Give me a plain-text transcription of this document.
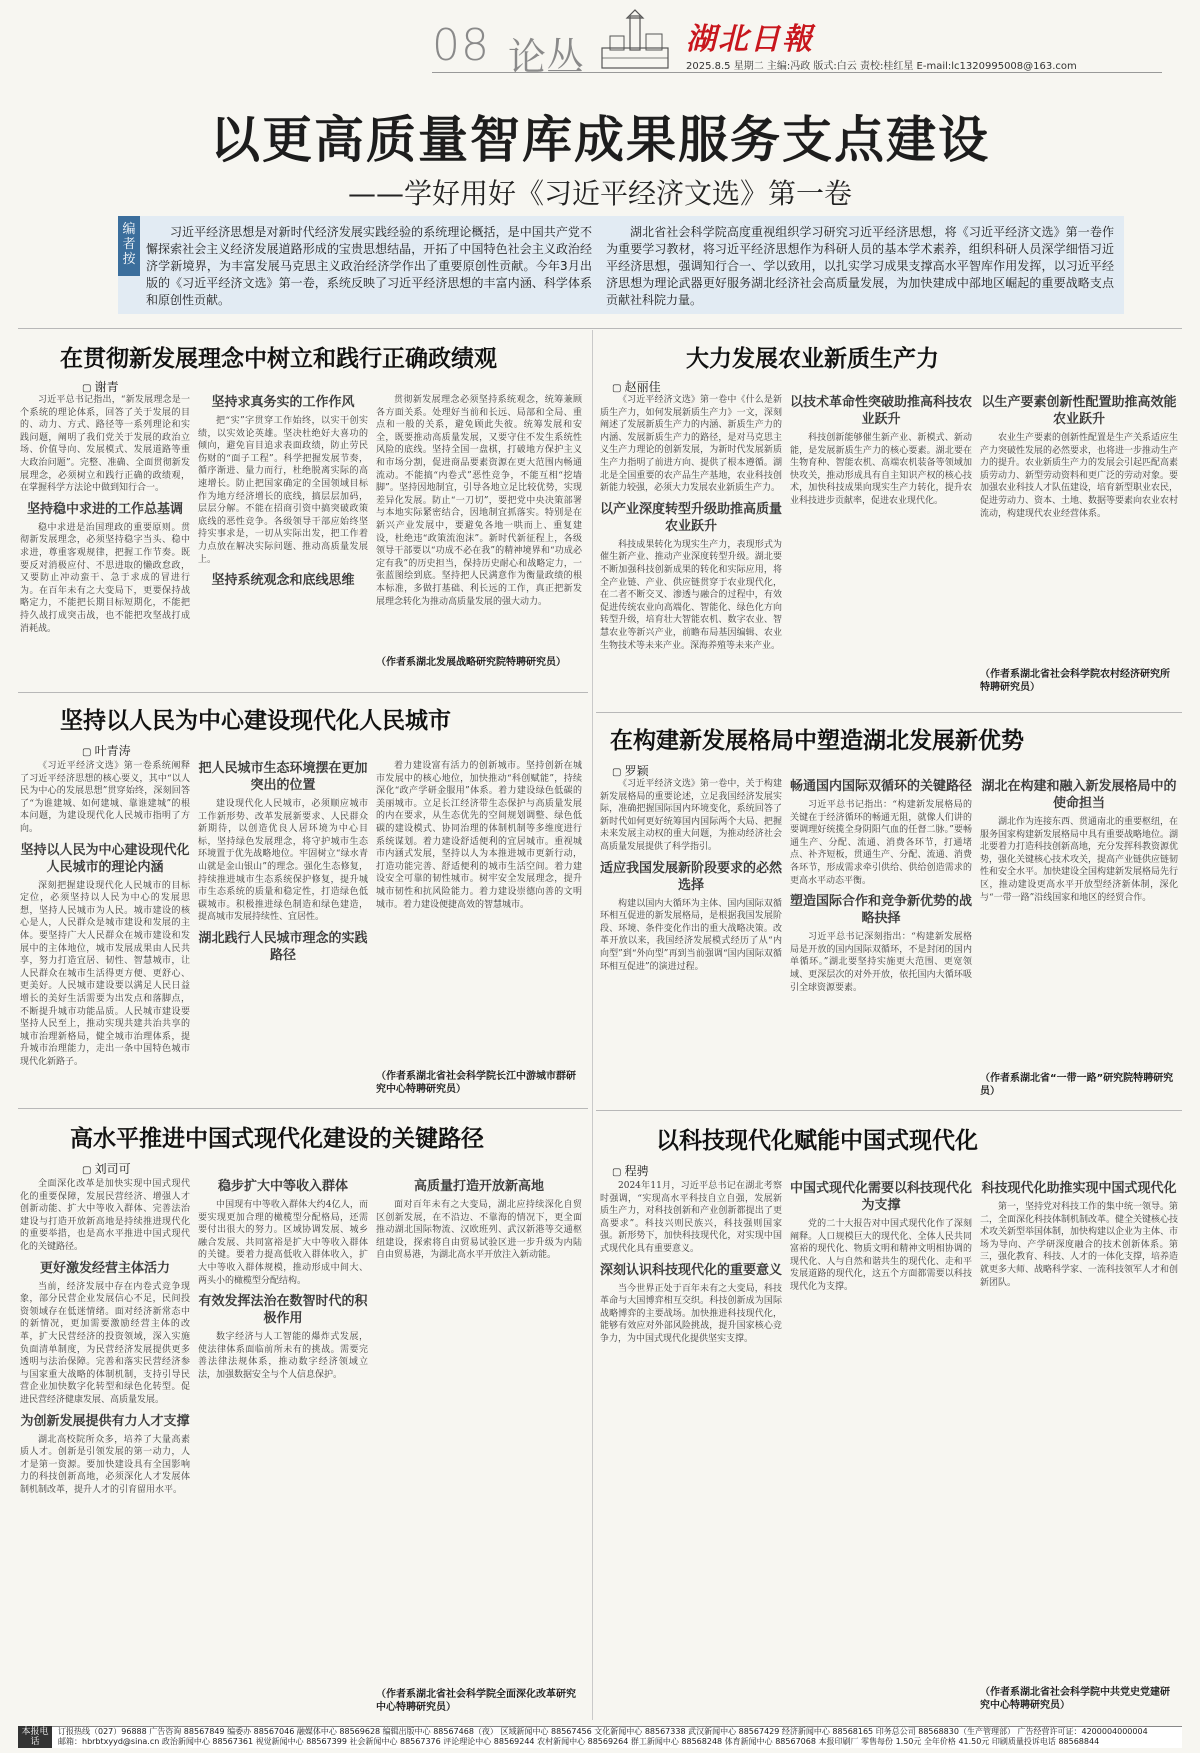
08 论丛	湖北日報
2025.8.5 星期二 主编:冯政 版式:白云 责校:桂红星 E-mail:lc1320995008@163.com
以更高质量智库成果服务支点建设
——学好用好《习近平经济文选》第一卷
编者按
习近平经济思想是对新时代经济发展实践经验的系统理论概括，是中国共产党不懈探索社会主义经济发展道路形成的宝贵思想结晶，开拓了中国特色社会主义政治经济学新境界，为丰富发展马克思主义政治经济学作出了重要原创性贡献。今年3月出版的《习近平经济文选》第一卷，系统反映了习近平经济思想的丰富内涵、科学体系和原创性贡献。
湖北省社会科学院高度重视组织学习研究习近平经济思想，将《习近平经济文选》第一卷作为重要学习教材，将习近平经济思想作为科研人员的基本学术素养，组织科研人员深学细悟习近平经济思想，强调知行合一、学以致用，以扎实学习成果支撑高水平智库作用发挥，以习近平经济思想为理论武器更好服务湖北经济社会高质量发展，为加快建成中部地区崛起的重要战略支点贡献社科院力量。
在贯彻新发展理念中树立和践行正确政绩观
▢ 谢青

习近平总书记指出，“新发展理念是一个系统的理论体系，回答了关于发展的目的、动力、方式、路径等一系列理论和实践问题，阐明了我们党关于发展的政治立场、价值导向、发展模式、发展道路等重大政治问题”。完整、准确、全面贯彻新发展理念，必须树立和践行正确的政绩观，在掌握科学方法论中做到知行合一。

坚持稳中求进的工作总基调

稳中求进是治国理政的重要原则。贯彻新发展理念，必须坚持稳字当头、稳中求进，尊重客观规律，把握工作节奏。既要反对消极应付、不思进取的懒政怠政，又要防止冲动蛮干、急于求成的冒进行为。在百年未有之大变局下，更要保持战略定力，不能把长期目标短期化，不能把持久战打成突击战，也不能把攻坚战打成消耗战。

坚持求真务实的工作作风

把“实”字贯穿工作始终，以实干创实绩，以实效论英雄。坚决杜绝好大喜功的倾向，避免盲目追求表面政绩，防止劳民伤财的“面子工程”。科学把握发展节奏，循序渐进、量力而行，杜绝脱离实际的高速增长。防止把国家确定的全国领域目标作为地方经济增长的底线，搞层层加码，层层分解。不能在招商引资中搞突破政策底线的恶性竞争。各级领导干部应始终坚持实事求是，一切从实际出发，把工作着力点放在解决实际问题、推动高质量发展上。

坚持系统观念和底线思维

贯彻新发展理念必须坚持系统观念，统筹兼顾各方面关系。处理好当前和长远、局部和全局、重点和一般的关系，避免顾此失彼。统筹发展和安全，既要推动高质量发展，又要守住不发生系统性风险的底线。坚持全国一盘棋，打破地方保护主义和市场分割，促进商品要素资源在更大范围内畅通流动。不能搞“内卷式”恶性竞争，不能互相“挖墙脚”。坚持因地制宜，引导各地立足比较优势，实现差异化发展。防止“一刀切”，要把党中央决策部署与本地实际紧密结合，因地制宜抓落实。特别是在新兴产业发展中，要避免各地一哄而上、重复建设，杜绝违“政策流泡沫”。新时代新征程上，各级领导干部要以“功成不必在我”的精神境界和“功成必定有我”的历史担当，保持历史耐心和战略定力，一张蓝图绘到底。坚持把人民满意作为衡量政绩的根本标准，多做打基础、利长远的工作，真正把新发展理念转化为推动高质量发展的强大动力。

（作者系湖北发展战略研究院特聘研究员）
坚持以人民为中心建设现代化人民城市
▢ 叶青涛

《习近平经济文选》第一卷系统阐释了习近平经济思想的核心要义，其中“以人民为中心的发展思想”贯穿始终，深刻回答了“为谁建城、如何建城、靠谁建城”的根本问题，为建设现代化人民城市指明了方向。

坚持以人民为中心建设现代化人民城市的理论内涵

深刻把握建设现代化人民城市的目标定位，必须坚持以人民为中心的发展思想，坚持人民城市为人民。城市建设的核心是人，人民群众是城市建设和发展的主体。要坚持广大人民群众在城市建设和发展中的主体地位，城市发展成果由人民共享，努力打造宜居、韧性、智慧城市，让人民群众在城市生活得更方便、更舒心、更美好。人民城市建设要以满足人民日益增长的美好生活需要为出发点和落脚点，不断提升城市功能品质。人民城市建设要坚持人民至上，推动实现共建共治共享的城市治理新格局，健全城市治理体系，提升城市治理能力，走出一条中国特色城市现代化新路子。

把人民城市生态环境摆在更加突出的位置

建设现代化人民城市，必须顺应城市工作新形势、改革发展新要求、人民群众新期待，以创造优良人居环境为中心目标，坚持绿色发展理念，将守护城市生态环境置于优先战略地位。牢固树立“绿水青山就是金山银山”的理念。强化生态修复，持续推进城市生态系统保护修复，提升城市生态系统的质量和稳定性，打造绿色低碳城市。积极推进绿色制造和绿色建造，提高城市发展持续性、宜居性。

湖北践行人民城市理念的实践路径

着力建设富有活力的创新城市。坚持创新在城市发展中的核心地位，加快推动“科创赋能”，持续深化“政产学研金服用”体系。着力建设绿色低碳的美丽城市。立足长江经济带生态保护与高质量发展的内在要求，从生态优先的空间规划调整、绿色低碳的建设模式、协同治理的体制机制等多维度进行系统谋划。着力建设舒适便利的宜居城市。重视城市内涵式发展，坚持以人为本推进城市更新行动，打造功能完善、舒适便利的城市生活空间。着力建设安全可靠的韧性城市。树牢安全发展理念，提升城市韧性和抗风险能力。着力建设崇德向善的文明城市。着力建设便捷高效的智慧城市。

（作者系湖北省社会科学院长江中游城市群研究中心特聘研究员）
高水平推进中国式现代化建设的关键路径
▢ 刘司可

全面深化改革是加快实现中国式现代化的重要保障，发展民营经济、增强人才创新动能、扩大中等收入群体、完善法治建设与打造开放新高地是持续推进现代化的重要举措，也是高水平推进中国式现代化的关键路径。

更好激发经营主体活力

当前，经济发展中存在内卷式竞争现象，部分民营企业发展信心不足，民间投资领域存在低迷情绪。面对经济新常态中的新情况，更加需要激励经营主体的改革，扩大民营经济的投资领域，深入实施负面清单制度，为民营经济发展提供更多透明与法治保障。完善和落实民营经济参与国家重大战略的体制机制，支持引导民营企业加快数字化转型和绿色化转型。促进民营经济健康发展、高质量发展。

为创新发展提供有力人才支撑

湖北高校院所众多，培养了大量高素质人才。创新是引领发展的第一动力，人才是第一资源。要加快建设具有全国影响力的科技创新高地，必须深化人才发展体制机制改革，提升人才的引育留用水平。

稳步扩大中等收入群体

中国现有中等收入群体大约4亿人，而要实现更加合理的橄榄型分配格局，还需要付出很大的努力。区域协调发展、城乡融合发展、共同富裕是扩大中等收入群体的关键。要着力提高低收入群体收入，扩大中等收入群体规模，推动形成中间大、两头小的橄榄型分配结构。

有效发挥法治在数智时代的积极作用

数字经济与人工智能的爆炸式发展，使法律体系面临前所未有的挑战。需要完善法律法规体系，推动数字经济领域立法，加强数据安全与个人信息保护。

高质量打造开放新高地

面对百年未有之大变局，湖北应持续深化自贸区创新发展，在不沿边、不靠海的情况下，更全面推动湖北国际物流、汉欧班列、武汉新港等交通枢纽建设，探索将自由贸易试验区进一步升级为内陆自由贸易港，为湖北高水平开放注入新动能。

（作者系湖北省社会科学院全面深化改革研究中心特聘研究员）
大力发展农业新质生产力
▢ 赵丽佳

《习近平经济文选》第一卷中《什么是新质生产力，如何发展新质生产力》一文，深刻阐述了发展新质生产力的内涵、新质生产力的内涵、发展新质生产力的路径，是对马克思主义生产力理论的创新发展，为新时代发展新质生产力指明了前进方向、提供了根本遵循。湖北是全国重要的农产品生产基地，农业科技创新能力较强，必须大力发展农业新质生产力。

以产业深度转型升级助推高质量农业跃升

科技成果转化为现实生产力，表现形式为催生新产业、推动产业深度转型升级。湖北要不断加强科技创新成果的转化和实际应用，将全产业链、产业、供应链贯穿于农业现代化，在二者不断交叉、渗透与融合的过程中，有效促进传统农业向高端化、智能化、绿色化方向转型升级，培育壮大智能农机、数字农业、智慧农业等新兴产业，前瞻布局基因编辑、农业生物技术等未来产业。深海养殖等未来产业。

以技术革命性突破助推高科技农业跃升

科技创新能够催生新产业、新模式、新动能，是发展新质生产力的核心要素。湖北要在生物育种、智能农机、高端农机装备等领域加快攻关，推动形成具有自主知识产权的核心技术，加快科技成果向现实生产力转化，提升农业科技进步贡献率，促进农业现代化。

以生产要素创新性配置助推高效能农业跃升

农业生产要素的创新性配置是生产关系适应生产力突破性发展的必然要求，也将进一步推动生产力的提升。农业新质生产力的发展会引起匹配高素质劳动力、新型劳动资料和更广泛的劳动对象。要加强农业科技人才队伍建设，培育新型职业农民，促进劳动力、资本、土地、数据等要素向农业农村流动，构建现代农业经营体系。

（作者系湖北省社会科学院农村经济研究所特聘研究员）
在构建新发展格局中塑造湖北发展新优势
▢ 罗颖

《习近平经济文选》第一卷中，关于构建新发展格局的重要论述，立足我国经济发展实际，准确把握国际国内环境变化，系统回答了新时代如何更好统筹国内国际两个大局、把握未来发展主动权的重大问题，为推动经济社会高质量发展提供了科学指引。

适应我国发展新阶段要求的必然选择

构建以国内大循环为主体、国内国际双循环相互促进的新发展格局，是根据我国发展阶段、环境、条件变化作出的重大战略决策。改革开放以来，我国经济发展模式经历了从“内向型”到“外向型”再到当前强调“国内国际双循环相互促进”的演进过程。

畅通国内国际双循环的关键路径

习近平总书记指出：“构建新发展格局的关键在于经济循环的畅通无阻，就像人们讲的要调理好统揽全身阴阳气血的任督二脉。”要畅通生产、分配、流通、消费各环节，打通堵点、补齐短板，贯通生产、分配、流通、消费各环节，形成需求牵引供给、供给创造需求的更高水平动态平衡。

塑造国际合作和竞争新优势的战略抉择

习近平总书记深刻指出：“构建新发展格局是开放的国内国际双循环，不是封闭的国内单循环。”湖北要坚持实施更大范围、更宽领域、更深层次的对外开放，依托国内大循环吸引全球资源要素。

湖北在构建和融入新发展格局中的使命担当

湖北作为连接东西、贯通南北的重要枢纽，在服务国家构建新发展格局中具有重要战略地位。湖北要着力打造科技创新高地，充分发挥科教资源优势，强化关键核心技术攻关，提高产业链供应链韧性和安全水平。加快建设全国构建新发展格局先行区，推动建设更高水平开放型经济新体制，深化与“一带一路”沿线国家和地区的经贸合作。

（作者系湖北省“一带一路”研究院特聘研究员）
以科技现代化赋能中国式现代化
▢ 程骋

2024年11月，习近平总书记在湖北考察时强调，“实现高水平科技自立自强，发展新质生产力，对科技创新和产业创新都提出了更高要求”。科技兴则民族兴，科技强则国家强。新形势下，加快科技现代化，对实现中国式现代化具有重要意义。

深刻认识科技现代化的重要意义

当今世界正处于百年未有之大变局，科技革命与大国博弈相互交织。科技创新成为国际战略博弈的主要战场。加快推进科技现代化，能够有效应对外部风险挑战，提升国家核心竞争力，为中国式现代化提供坚实支撑。

中国式现代化需要以科技现代化为支撑

党的二十大报告对中国式现代化作了深刻阐释。人口规模巨大的现代化、全体人民共同富裕的现代化、物质文明和精神文明相协调的现代化、人与自然和谐共生的现代化、走和平发展道路的现代化，这五个方面都需要以科技现代化为支撑。

科技现代化助推实现中国式现代化

第一，坚持党对科技工作的集中统一领导。第二，全面深化科技体制机制改革。健全关键核心技术攻关新型举国体制，加快构建以企业为主体、市场为导向、产学研深度融合的技术创新体系。第三，强化教育、科技、人才的一体化支撑，培养造就更多大师、战略科学家、一流科技领军人才和创新团队。

（作者系湖北省社会科学院中共党史党建研究中心特聘研究员）
本报电话
订报热线（027）96888 广告咨询 88567849 编委办 88567046 融媒体中心 88569628 编辑出版中心 88567468（夜） 区域新闻中心 88567456 文化新闻中心 88567338 武汉新闻中心 88567429 经济新闻中心 88568165 印务总公司 88568830（生产管理部） 广告经营许可证：4200004000004
邮箱：hbrbtxyyd@sina.cn 政治新闻中心 88567361 视觉新闻中心 88567399 社会新闻中心 88567376 评论理论中心 88569244 农村新闻中心 88569264 群工新闻中心 88568248 体育新闻中心 88567068 本报印刷厂 零售每份 1.50元 全年价格 41.50元 印刷质量投诉电话 88568844
